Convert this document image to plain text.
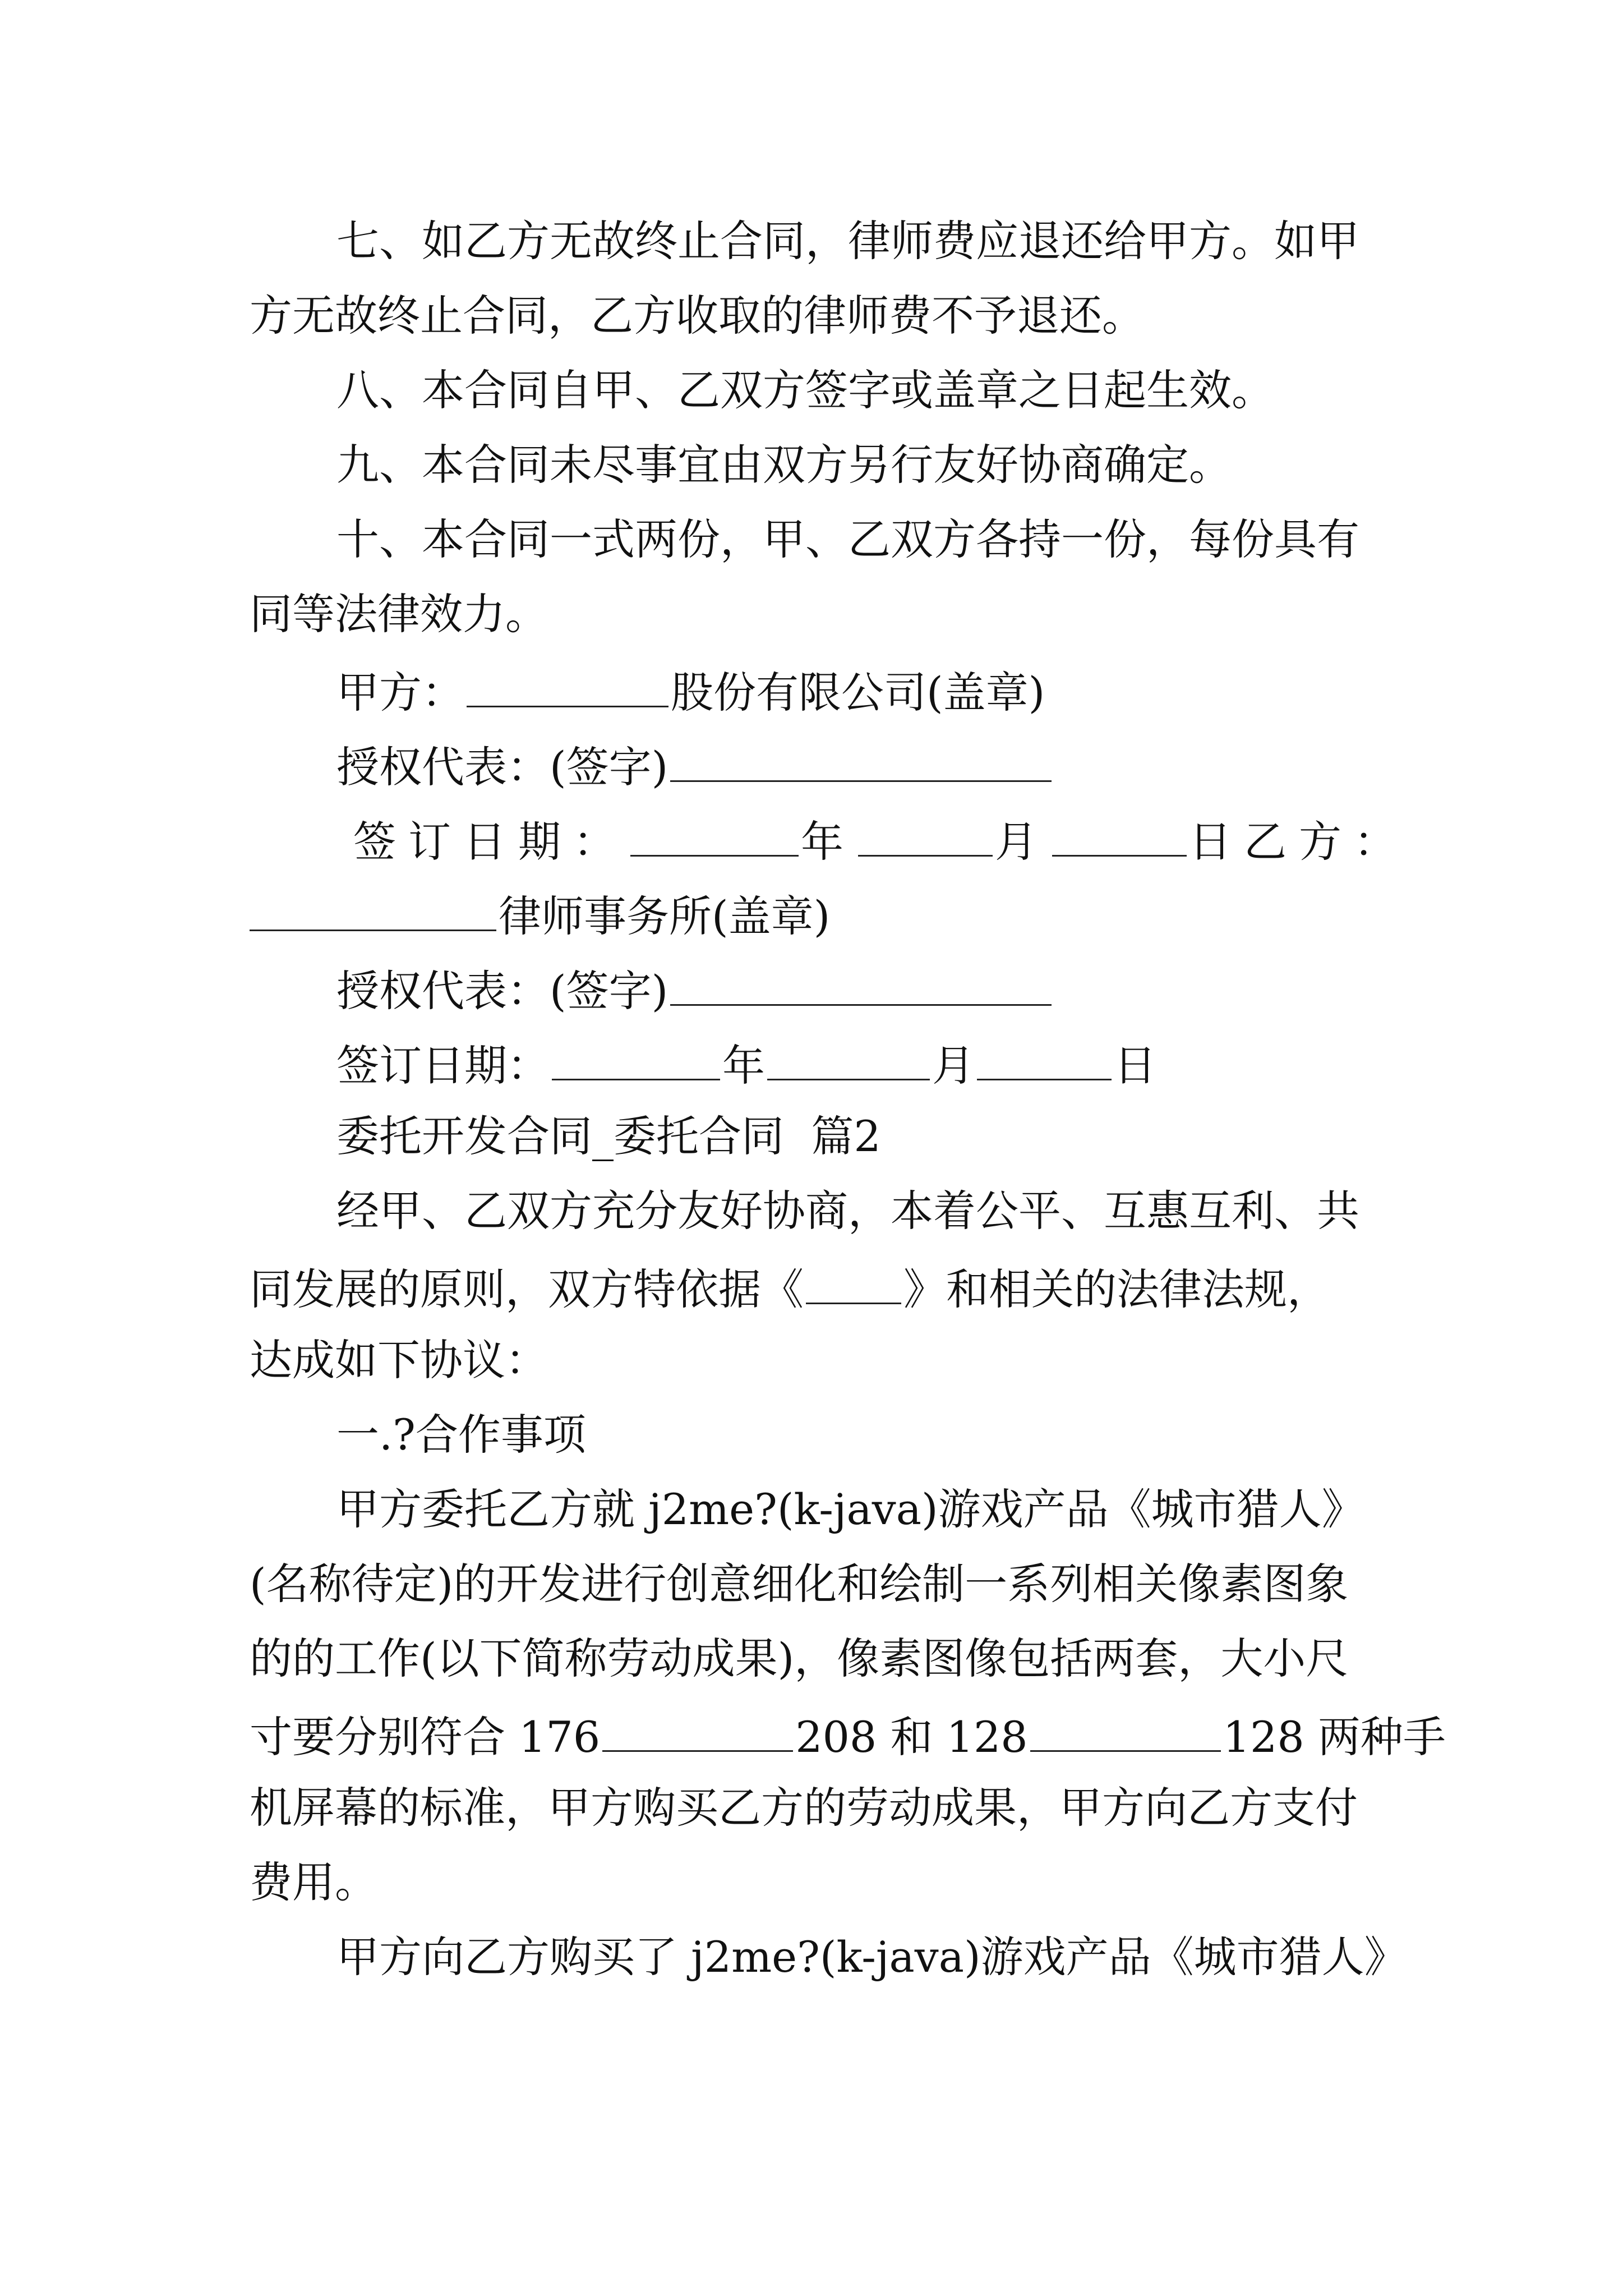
七、如乙方无故终止合同，律师费应退还给甲方。如甲
方无故终止合同，乙方收取的律师费不予退还。
八、本合同自甲、乙双方签字或盖章之日起生效。
九、本合同未尽事宜由双方另行友好协商确定。
十、本合同一式两份，甲、乙双方各持一份，每份具有
同等法律效力。
甲方：	股份有限公司(盖章)
授权代表：(签字)
签订日期：	年	月	日乙方：
律师事务所(盖章)
授权代表：(签字)
签订日期：	年	月	日
委托开发合同_委托合同  篇2
经甲、乙双方充分友好协商，本着公平、互惠互利、共
同发展的原则，双方特依据《 》和相关的法律法规，
达成如下协议：
一.?合作事项
甲方委托乙方就 j2me?(k-java)游戏产品《城市猎人》
(名称待定)的开发进行创意细化和绘制一系列相关像素图象
的的工作(以下简称劳动成果)，像素图像包括两套，大小尺
寸要分别符合 176	208 和 128	128 两种手
机屏幕的标准，甲方购买乙方的劳动成果，甲方向乙方支付
费用。
甲方向乙方购买了 j2me?(k-java)游戏产品《城市猎人》
